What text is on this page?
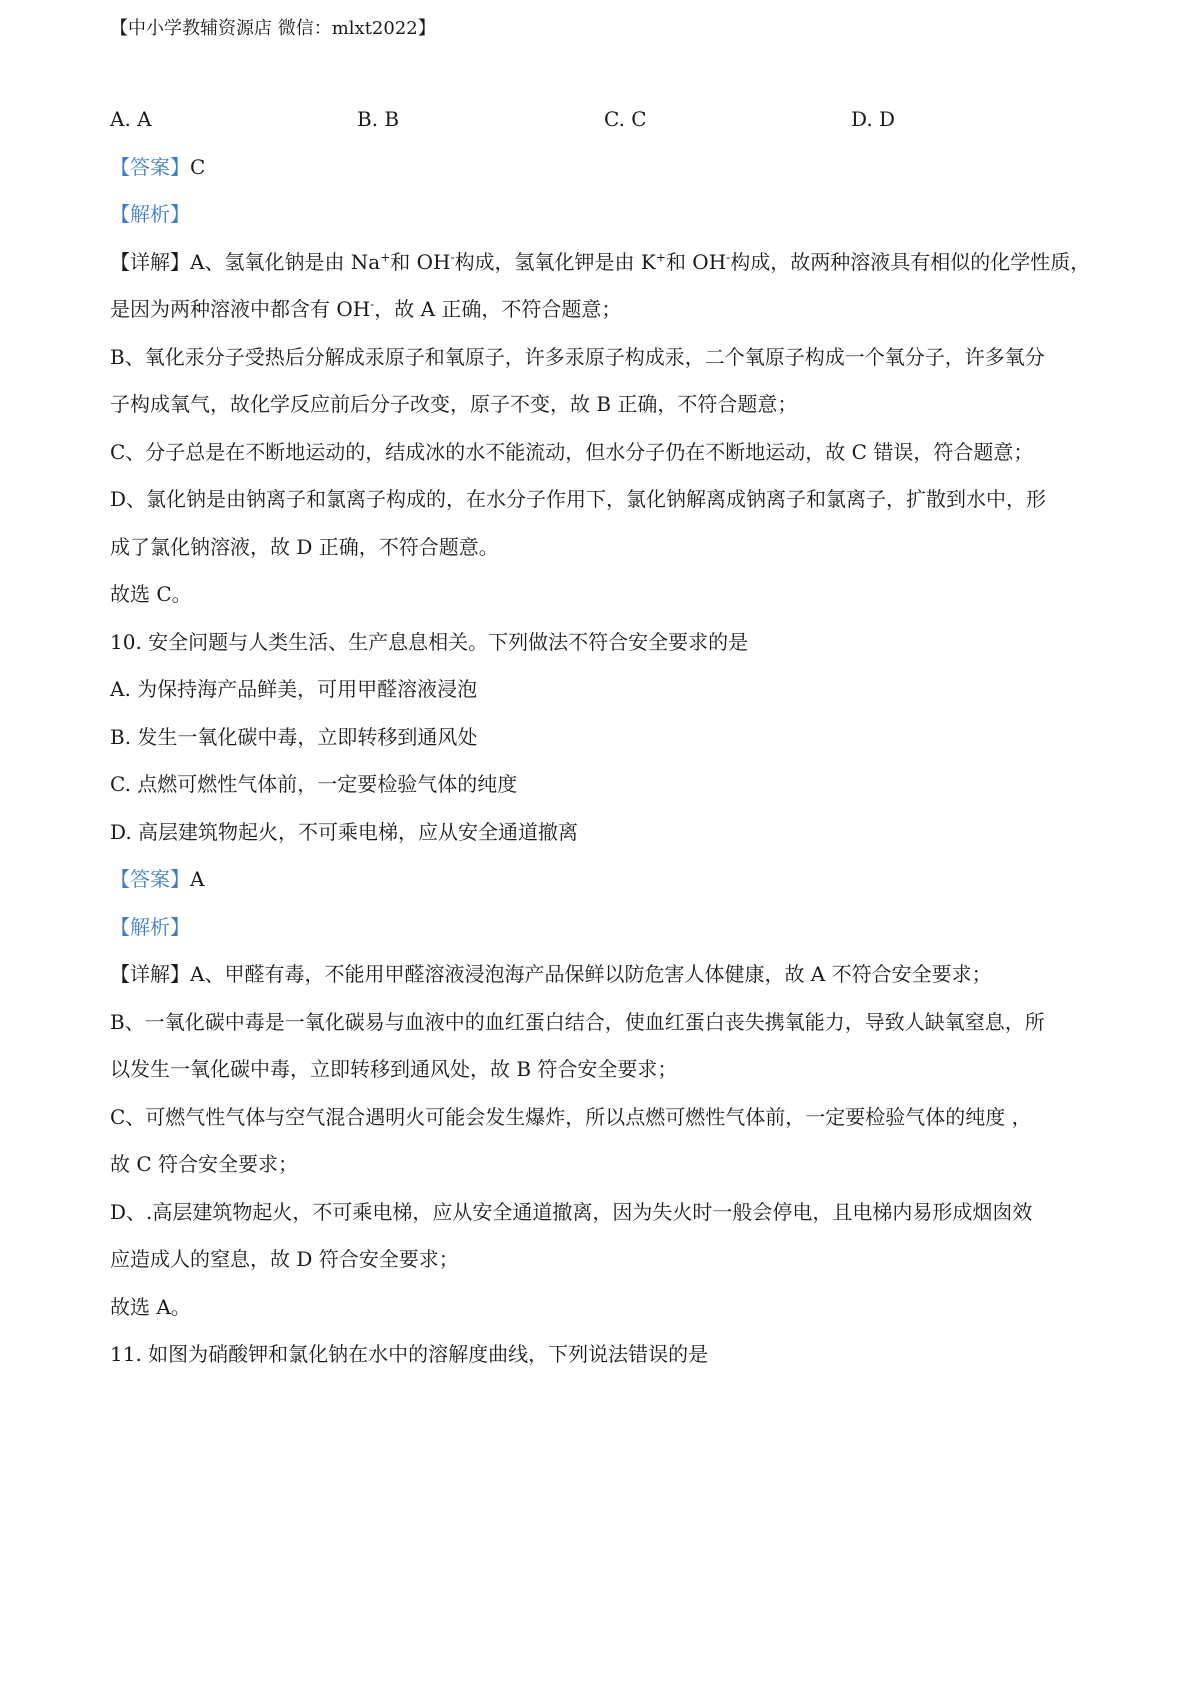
【中小学教辅资源店 微信：mlxt2022】
A. A	B. B	C. C	D. D
【答案】C
【解析】
【详解】A、氢氧化钠是由 Na+和 OH-构成，氢氧化钾是由 K+和 OH-构成，故两种溶液具有相似的化学性质，
是因为两种溶液中都含有 OH-，故 A 正确，不符合题意；
B、氧化汞分子受热后分解成汞原子和氧原子，许多汞原子构成汞，二个氧原子构成一个氧分子，许多氧分
子构成氧气，故化学反应前后分子改变，原子不变，故 B 正确，不符合题意；
C、分子总是在不断地运动的，结成冰的水不能流动，但水分子仍在不断地运动，故 C 错误，符合题意；
D、氯化钠是由钠离子和氯离子构成的，在水分子作用下，氯化钠解离成钠离子和氯离子，扩散到水中，形
成了氯化钠溶液，故 D 正确，不符合题意。
故选 C。
10. 安全问题与人类生活、生产息息相关。下列做法不符合安全要求的是
A. 为保持海产品鲜美，可用甲醛溶液浸泡
B. 发生一氧化碳中毒，立即转移到通风处
C. 点燃可燃性气体前，一定要检验气体的纯度
D. 高层建筑物起火，不可乘电梯，应从安全通道撤离
【答案】A
【解析】
【详解】A、甲醛有毒，不能用甲醛溶液浸泡海产品保鲜以防危害人体健康，故 A 不符合安全要求；
B、一氧化碳中毒是一氧化碳易与血液中的血红蛋白结合，使血红蛋白丧失携氧能力，导致人缺氧窒息，所
以发生一氧化碳中毒，立即转移到通风处，故 B 符合安全要求；
C、可燃气性气体与空气混合遇明火可能会发生爆炸，所以点燃可燃性气体前，一定要检验气体的纯度 ，
故 C 符合安全要求；
D、.高层建筑物起火，不可乘电梯，应从安全通道撤离，因为失火时一般会停电，且电梯内易形成烟囱效
应造成人的窒息，故 D 符合安全要求；
故选 A。
11. 如图为硝酸钾和氯化钠在水中的溶解度曲线，下列说法错误的是
